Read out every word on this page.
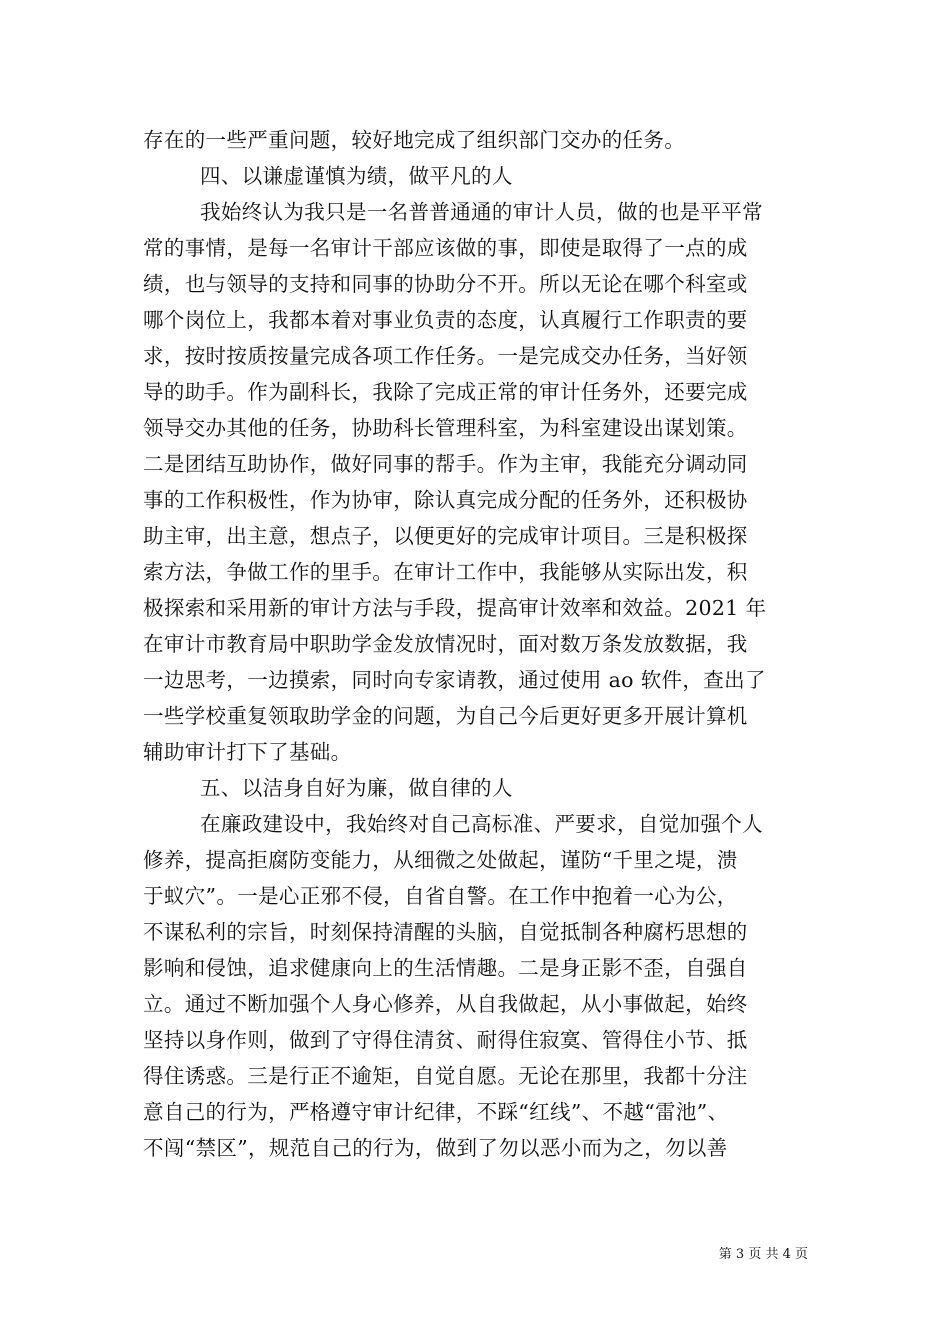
存在的一些严重问题，较好地完成了组织部门交办的任务。
四、以谦虚谨慎为绩，做平凡的人
我始终认为我只是一名普普通通的审计人员，做的也是平平常
常的事情，是每一名审计干部应该做的事，即使是取得了一点的成
绩，也与领导的支持和同事的协助分不开。所以无论在哪个科室或
哪个岗位上，我都本着对事业负责的态度，认真履行工作职责的要
求，按时按质按量完成各项工作任务。一是完成交办任务，当好领
导的助手。作为副科长，我除了完成正常的审计任务外，还要完成
领导交办其他的任务，协助科长管理科室，为科室建设出谋划策。
二是团结互助协作，做好同事的帮手。作为主审，我能充分调动同
事的工作积极性，作为协审，除认真完成分配的任务外，还积极协
助主审，出主意，想点子，以便更好的完成审计项目。三是积极探
索方法，争做工作的里手。在审计工作中，我能够从实际出发，积
极探索和采用新的审计方法与手段，提高审计效率和效益。2021 年
在审计市教育局中职助学金发放情况时，面对数万条发放数据，我
一边思考，一边摸索，同时向专家请教，通过使用 ao 软件，查出了
一些学校重复领取助学金的问题，为自己今后更好更多开展计算机
辅助审计打下了基础。
五、以洁身自好为廉，做自律的人
在廉政建设中，我始终对自己高标准、严要求，自觉加强个人
修养，提高拒腐防变能力，从细微之处做起，谨防“千里之堤，溃
于蚁穴”。一是心正邪不侵，自省自警。在工作中抱着一心为公，
不谋私利的宗旨，时刻保持清醒的头脑，自觉抵制各种腐朽思想的
影响和侵蚀，追求健康向上的生活情趣。二是身正影不歪，自强自
立。通过不断加强个人身心修养，从自我做起，从小事做起，始终
坚持以身作则，做到了守得住清贫、耐得住寂寞、管得住小节、抵
得住诱惑。三是行正不逾矩，自觉自愿。无论在那里，我都十分注
意自己的行为，严格遵守审计纪律，不踩“红线”、不越“雷池”、
不闯“禁区”，规范自己的行为，做到了勿以恶小而为之，勿以善
第 3 页 共 4 页
